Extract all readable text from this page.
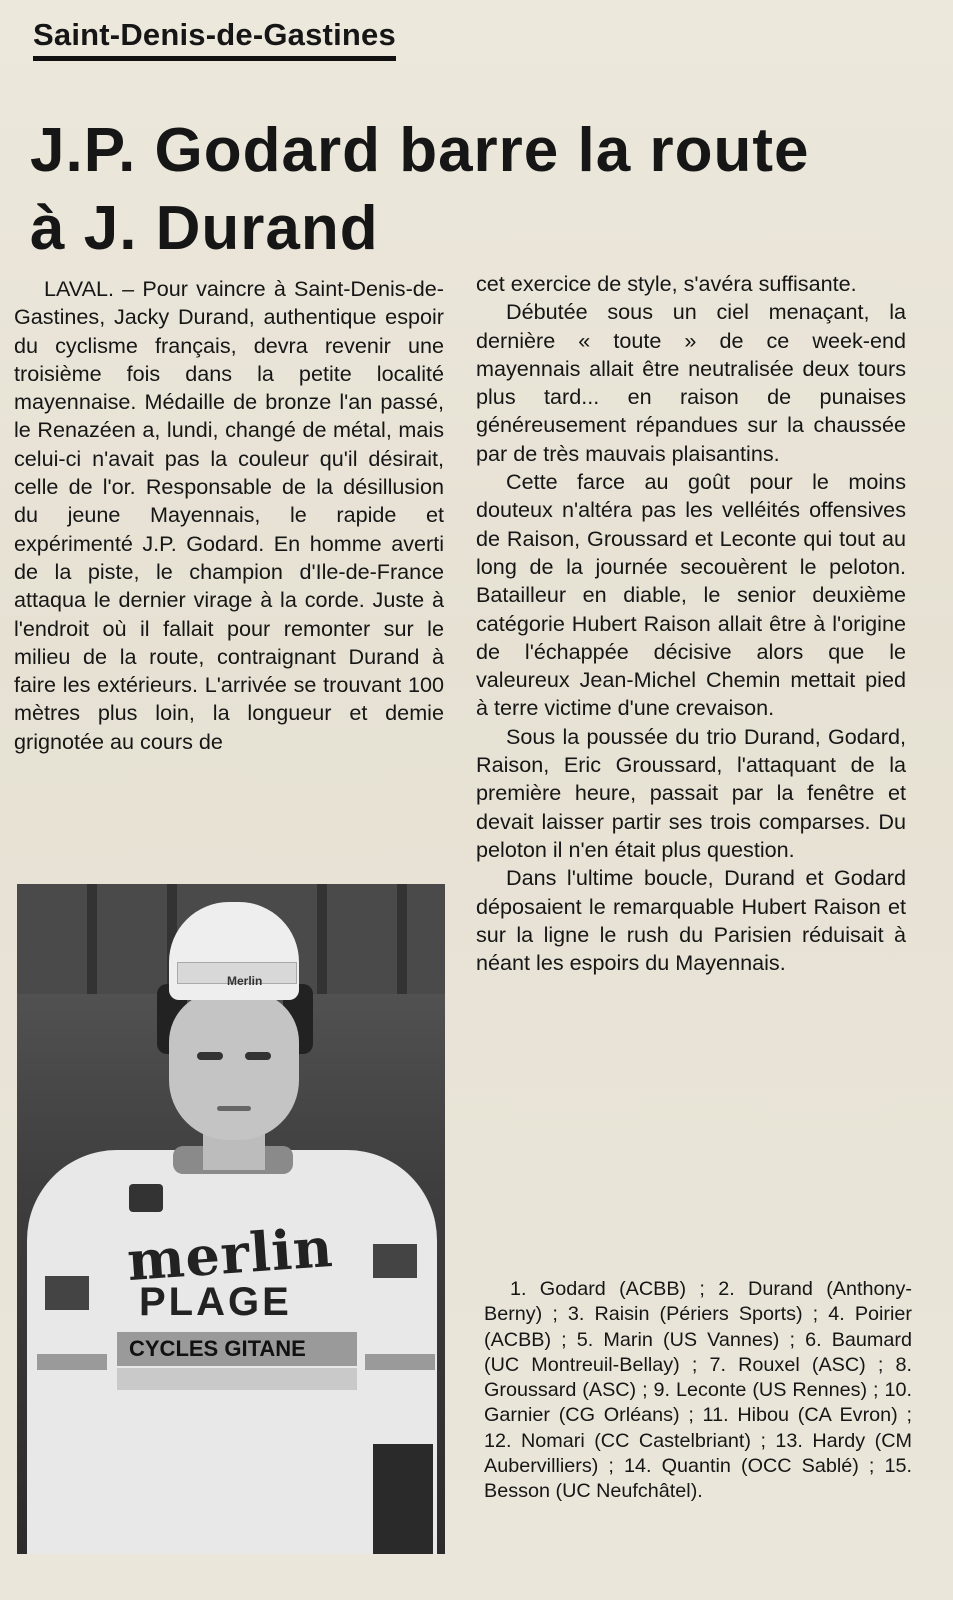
Saint-Denis-de-Gastines
J.P. Godard barre la route
à J. Durand

LAVAL. – Pour vaincre à Saint-Denis-de-Gastines, Jacky Durand, authentique espoir du cyclisme français, devra revenir une troisième fois dans la petite localité mayennaise. Médaille de bronze l'an passé, le Renazéen a, lundi, changé de métal, mais celui-ci n'avait pas la couleur qu'il désirait, celle de l'or. Responsable de la désillusion du jeune Mayennais, le rapide et expérimenté J.P. Godard. En homme averti de la piste, le champion d'Ile-de-France attaqua le dernier virage à la corde. Juste à l'endroit où il fallait pour remonter sur le milieu de la route, contraignant Durand à faire les extérieurs. L'arrivée se trouvant 100 mètres plus loin, la longueur et demie grignotée au cours de

cet exercice de style, s'avéra suffisante.

Débutée sous un ciel menaçant, la dernière « toute » de ce week-end mayennais allait être neutralisée deux tours plus tard... en raison de punaises généreusement répandues sur la chaussée par de très mauvais plaisantins.

Cette farce au goût pour le moins douteux n'altéra pas les velléités offensives de Raison, Groussard et Leconte qui tout au long de la journée secouèrent le peloton. Batailleur en diable, le senior deuxième catégorie Hubert Raison allait être à l'origine de l'échappée décisive alors que le valeureux Jean-Michel Chemin mettait pied à terre victime d'une crevaison.

Sous la poussée du trio Durand, Godard, Raison, Eric Groussard, l'attaquant de la première heure, passait par la fenêtre et devait laisser partir ses trois comparses. Du peloton il n'en était plus question.

Dans l'ultime boucle, Durand et Godard déposaient le remarquable Hubert Raison et sur la ligne le rush du Parisien réduisait à néant les espoirs du Mayennais.

1. Godard (ACBB) ; 2. Durand (Anthony-Berny) ; 3. Raisin (Périers Sports) ; 4. Poirier (ACBB) ; 5. Marin (US Vannes) ; 6. Baumard (UC Montreuil-Bellay) ; 7. Rouxel (ASC) ; 8. Groussard (ASC) ; 9. Leconte (US Rennes) ; 10. Garnier (CG Orléans) ; 11. Hibou (CA Evron) ; 12. Nomari (CC Castelbriant) ; 13. Hardy (CM Aubervilliers) ; 14. Quantin (OCC Sablé) ; 15. Besson (UC Neufchâtel).
Merlin
merlin
PLAGE
CYCLES GITANE
